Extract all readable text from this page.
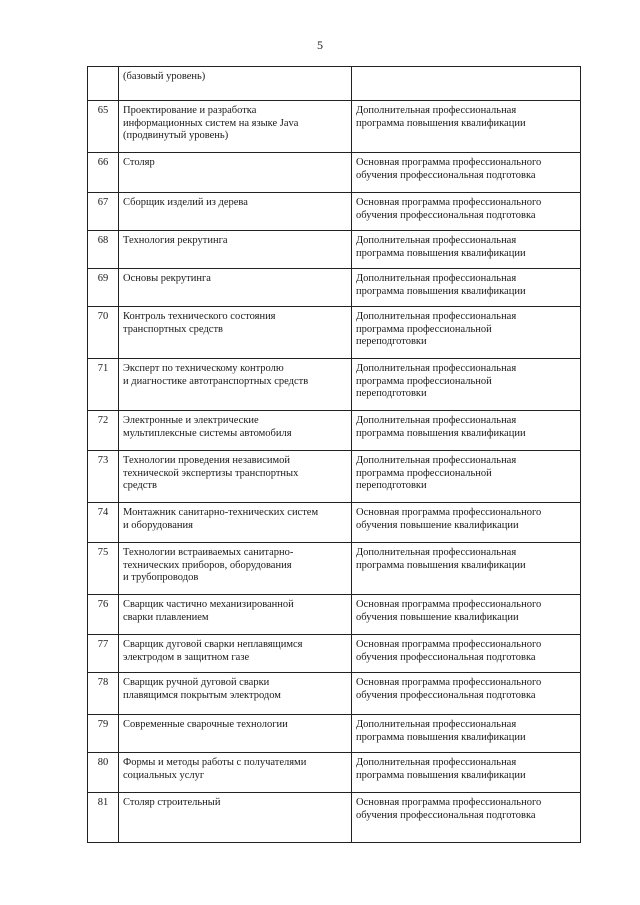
5

	(базовый уровень)	

65	Проектирование и разработка
информационных систем на языке Java
(продвинутый уровень)	Дополнительная профессиональная
программа повышения квалификации

66	Столяр	Основная программа профессионального
обучения профессиональная подготовка

67	Сборщик изделий из дерева	Основная программа профессионального
обучения профессиональная подготовка

68	Технология рекрутинга	Дополнительная профессиональная
программа повышения квалификации

69	Основы рекрутинга	Дополнительная профессиональная
программа повышения квалификации

70	Контроль технического состояния
транспортных средств	Дополнительная профессиональная
программа профессиональной
переподготовки

71	Эксперт по техническому контролю
и диагностике автотранспортных средств	Дополнительная профессиональная
программа профессиональной
переподготовки

72	Электронные и электрические
мультиплексные системы автомобиля	Дополнительная профессиональная
программа повышения квалификации

73	Технологии проведения независимой
технической экспертизы транспортных
средств	Дополнительная профессиональная
программа профессиональной
переподготовки

74	Монтажник санитарно-технических систем
и оборудования	Основная программа профессионального
обучения повышение квалификации

75	Технологии встраиваемых санитарно-
технических приборов, оборудования
и трубопроводов	Дополнительная профессиональная
программа повышения квалификации

76	Сварщик частично механизированной
сварки плавлением	Основная программа профессионального
обучения повышение квалификации

77	Сварщик дуговой сварки неплавящимся
электродом в защитном газе	Основная программа профессионального
обучения профессиональная подготовка

78	Сварщик ручной дуговой сварки
плавящимся покрытым электродом	Основная программа профессионального
обучения профессиональная подготовка

79	Современные сварочные технологии	Дополнительная профессиональная
программа повышения квалификации

80	Формы и методы работы с получателями
социальных услуг	Дополнительная профессиональная
программа повышения квалификации

81	Столяр строительный	Основная программа профессионального
обучения профессиональная подготовка
